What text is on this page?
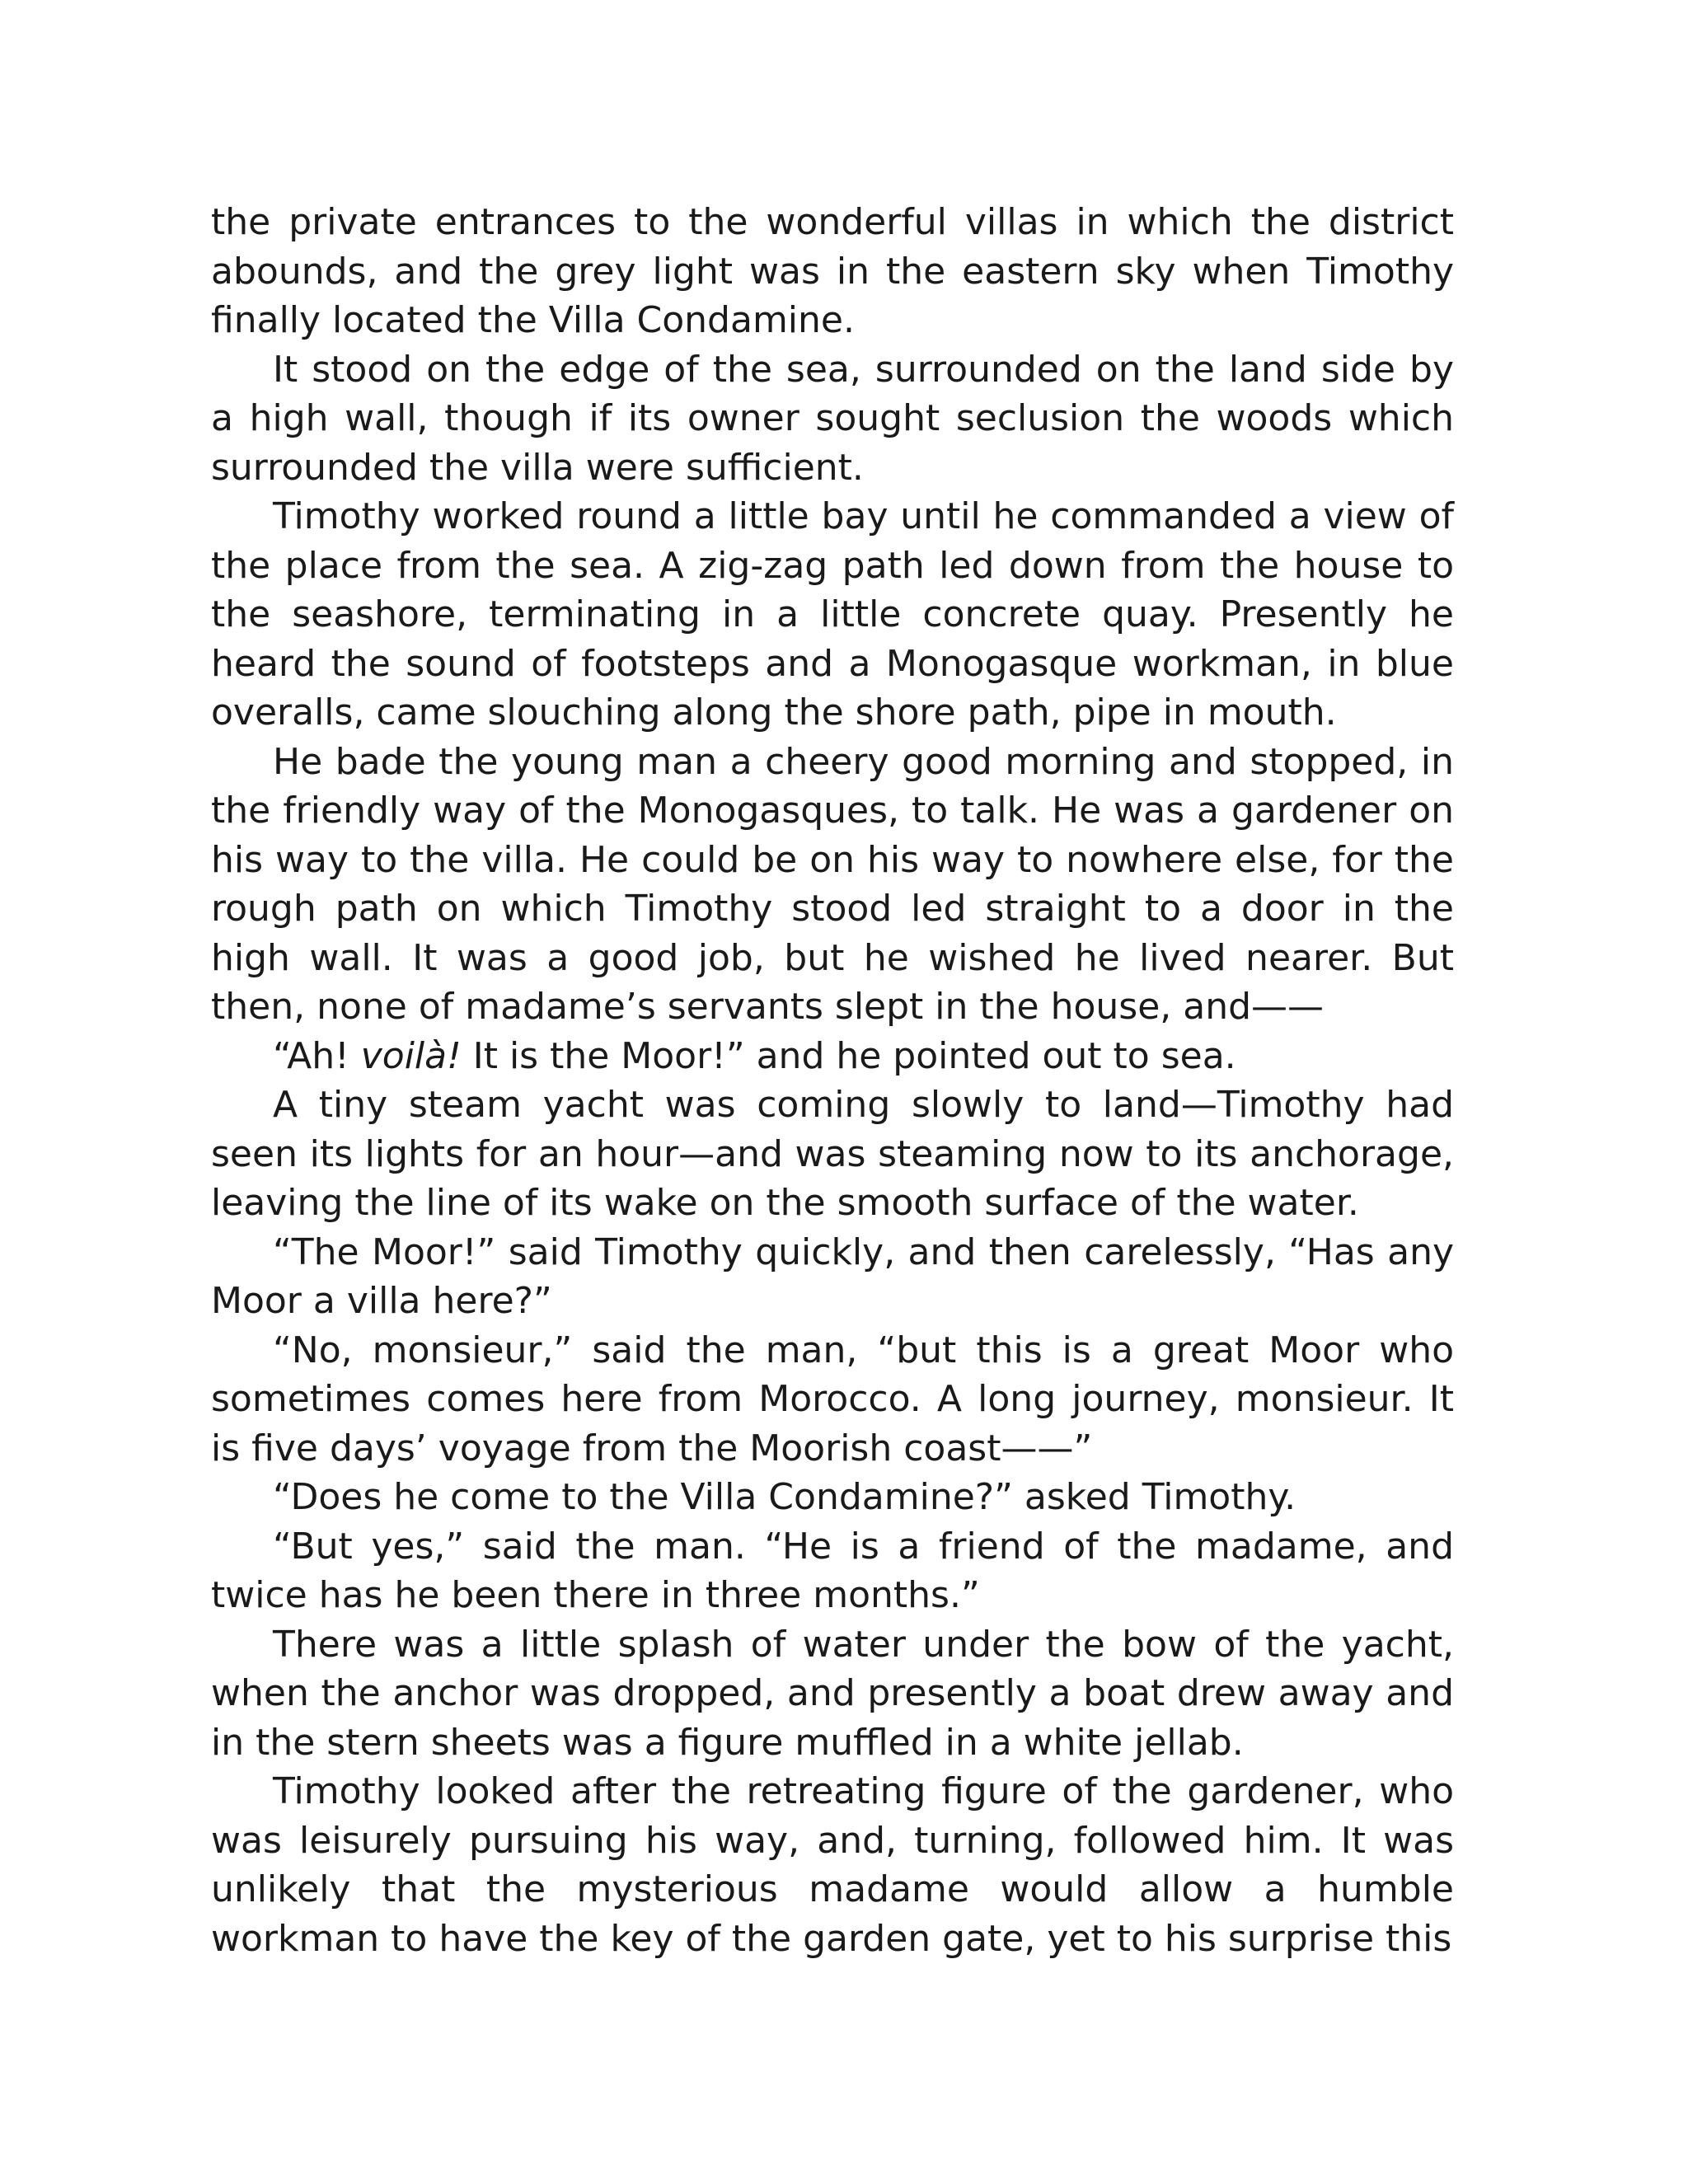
the private entrances to the wonderful villas in which the district abounds, and the grey light was in the eastern sky when Timothy finally located the Villa Condamine.

It stood on the edge of the sea, surrounded on the land side by a high wall, though if its owner sought seclusion the woods which surrounded the villa were sufficient.

Timothy worked round a little bay until he commanded a view of the place from the sea. A zig-zag path led down from the house to the seashore, terminating in a little concrete quay. Presently he heard the sound of footsteps and a Monogasque workman, in blue overalls, came slouching along the shore path, pipe in mouth.

He bade the young man a cheery good morning and stopped, in the friendly way of the Monogasques, to talk. He was a gardener on his way to the villa. He could be on his way to nowhere else, for the rough path on which Timothy stood led straight to a door in the high wall. It was a good job, but he wished he lived nearer. But then, none of madame’s servants slept in the house, and——

“Ah! voilà! It is the Moor!” and he pointed out to sea.

A tiny steam yacht was coming slowly to land—Timothy had seen its lights for an hour—and was steaming now to its anchorage, leaving the line of its wake on the smooth surface of the water.

“The Moor!” said Timothy quickly, and then carelessly, “Has any Moor a villa here?”

“No, monsieur,” said the man, “but this is a great Moor who sometimes comes here from Morocco. A long journey, monsieur. It is five days’ voyage from the Moorish coast——”

“Does he come to the Villa Condamine?” asked Timothy.

“But yes,” said the man. “He is a friend of the madame, and twice has he been there in three months.”

There was a little splash of water under the bow of the yacht, when the anchor was dropped, and presently a boat drew away and in the stern sheets was a figure muffled in a white jellab.

Timothy looked after the retreating figure of the gardener, who was leisurely pursuing his way, and, turning, followed him. It was unlikely that the mysterious madame would allow a humble workman to have the key of the garden gate, yet to his surprise this
